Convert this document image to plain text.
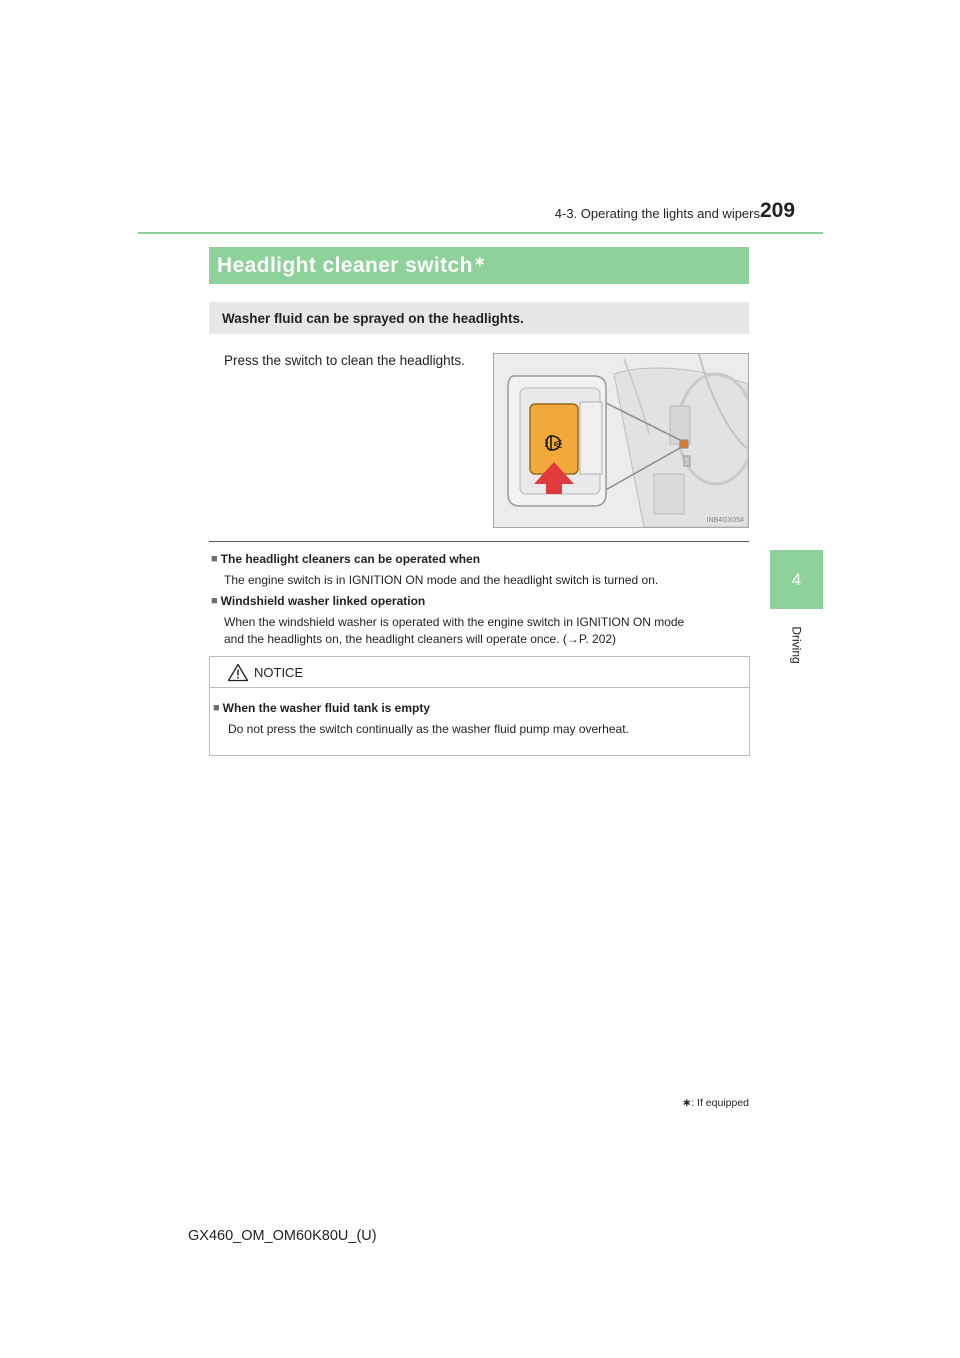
4-3. Operating the lights and wipers 209
4
Driving
Headlight cleaner switch∗
Washer fluid can be sprayed on the headlights.
Press the switch to clean the headlights.
INB4GX054
■ The headlight cleaners can be operated when
The engine switch is in IGNITION ON mode and the headlight switch is turned on.
■ Windshield washer linked operation
When the windshield washer is operated with the engine switch in IGNITION ON mode
and the headlights on, the headlight cleaners will operate once. (→P. 202)
NOTICE
■ When the washer fluid tank is empty
Do not press the switch continually as the washer fluid pump may overheat.
∗: If equipped
GX460_OM_OM60K80U_(U)
